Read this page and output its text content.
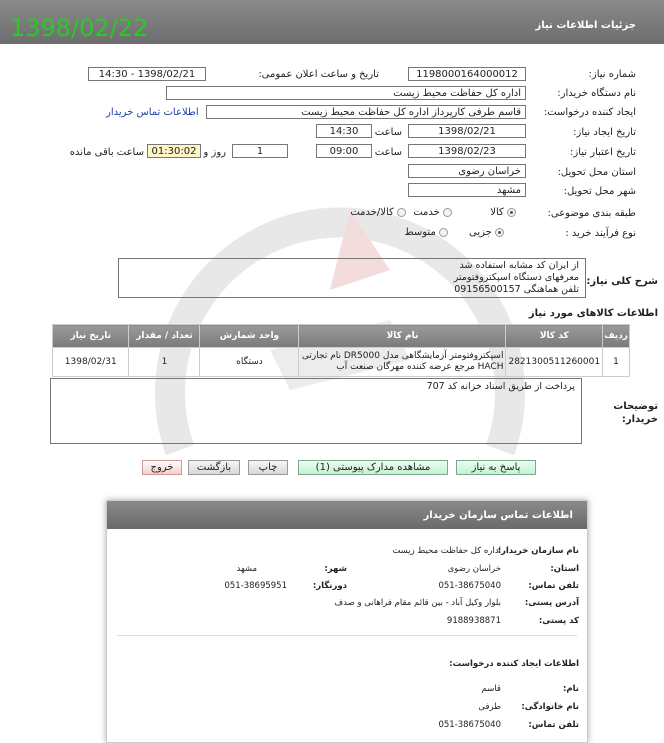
جزئیات اطلاعات نیاز
1398/02/22
شماره نیاز:
1198000164000012
تاریخ و ساعت اعلان عمومی:
1398/02/21 - 14:30
نام دستگاه خریدار:
اداره کل حفاظت محیط زیست
ایجاد کننده درخواست:
قاسم طرفی کارپرداز اداره کل حفاظت محیط زیست
اطلاعات تماس خریدار
تاریخ ایجاد نیاز:
1398/02/21
ساعت
14:30
تاریخ اعتبار نیاز:
1398/02/23
ساعت
09:00
1
روز و
01:30:02
ساعت باقی مانده
استان محل تحویل:
خراسان رضوی
شهر محل تحویل:
مشهد
طبقه بندی موضوعی:
کالا
خدمت
کالا/خدمت
نوع فرآیند خرید :
جزیی
متوسط
شرح کلی نیاز:
از ایران کد مشابه استفاده شد
معرفهای دستگاه اسپکتروفتومتر
تلفن هماهنگی 09156500157
اطلاعات کالاهای مورد نیاز
ردیف	کد کالا	نام کالا	واحد شمارش	تعداد / مقدار	تاریخ نیاز
1	2821300511260001	اسپکتروفتومتر آزمایشگاهی مدل DR5000 نام تجارتی HACH مرجع عرضه کننده مهرگان صنعت آب	دستگاه	1	1398/02/31
توضیحات خریدار:
پرداخت از طریق اسناد خزانه کد 707
پاسخ به نیاز
مشاهده مدارک پیوستی (1)
چاپ
بازگشت
خروج
اطلاعات تماس سازمان خریدار
نام سازمان خریدار:
اداره کل حفاظت محیط زیست
استان:
خراسان رضوی
شهر:
مشهد
تلفن تماس:
051-38675040
دورنگار:
051-38695951
آدرس پستی:
بلوار وکیل آباد - بین قائم مقام فراهانی و صدف
کد پستی:
9188938871
اطلاعات ایجاد کننده درخواست:
نام:
قاسم
نام خانوادگی:
طرفی
تلفن تماس:
051-38675040
